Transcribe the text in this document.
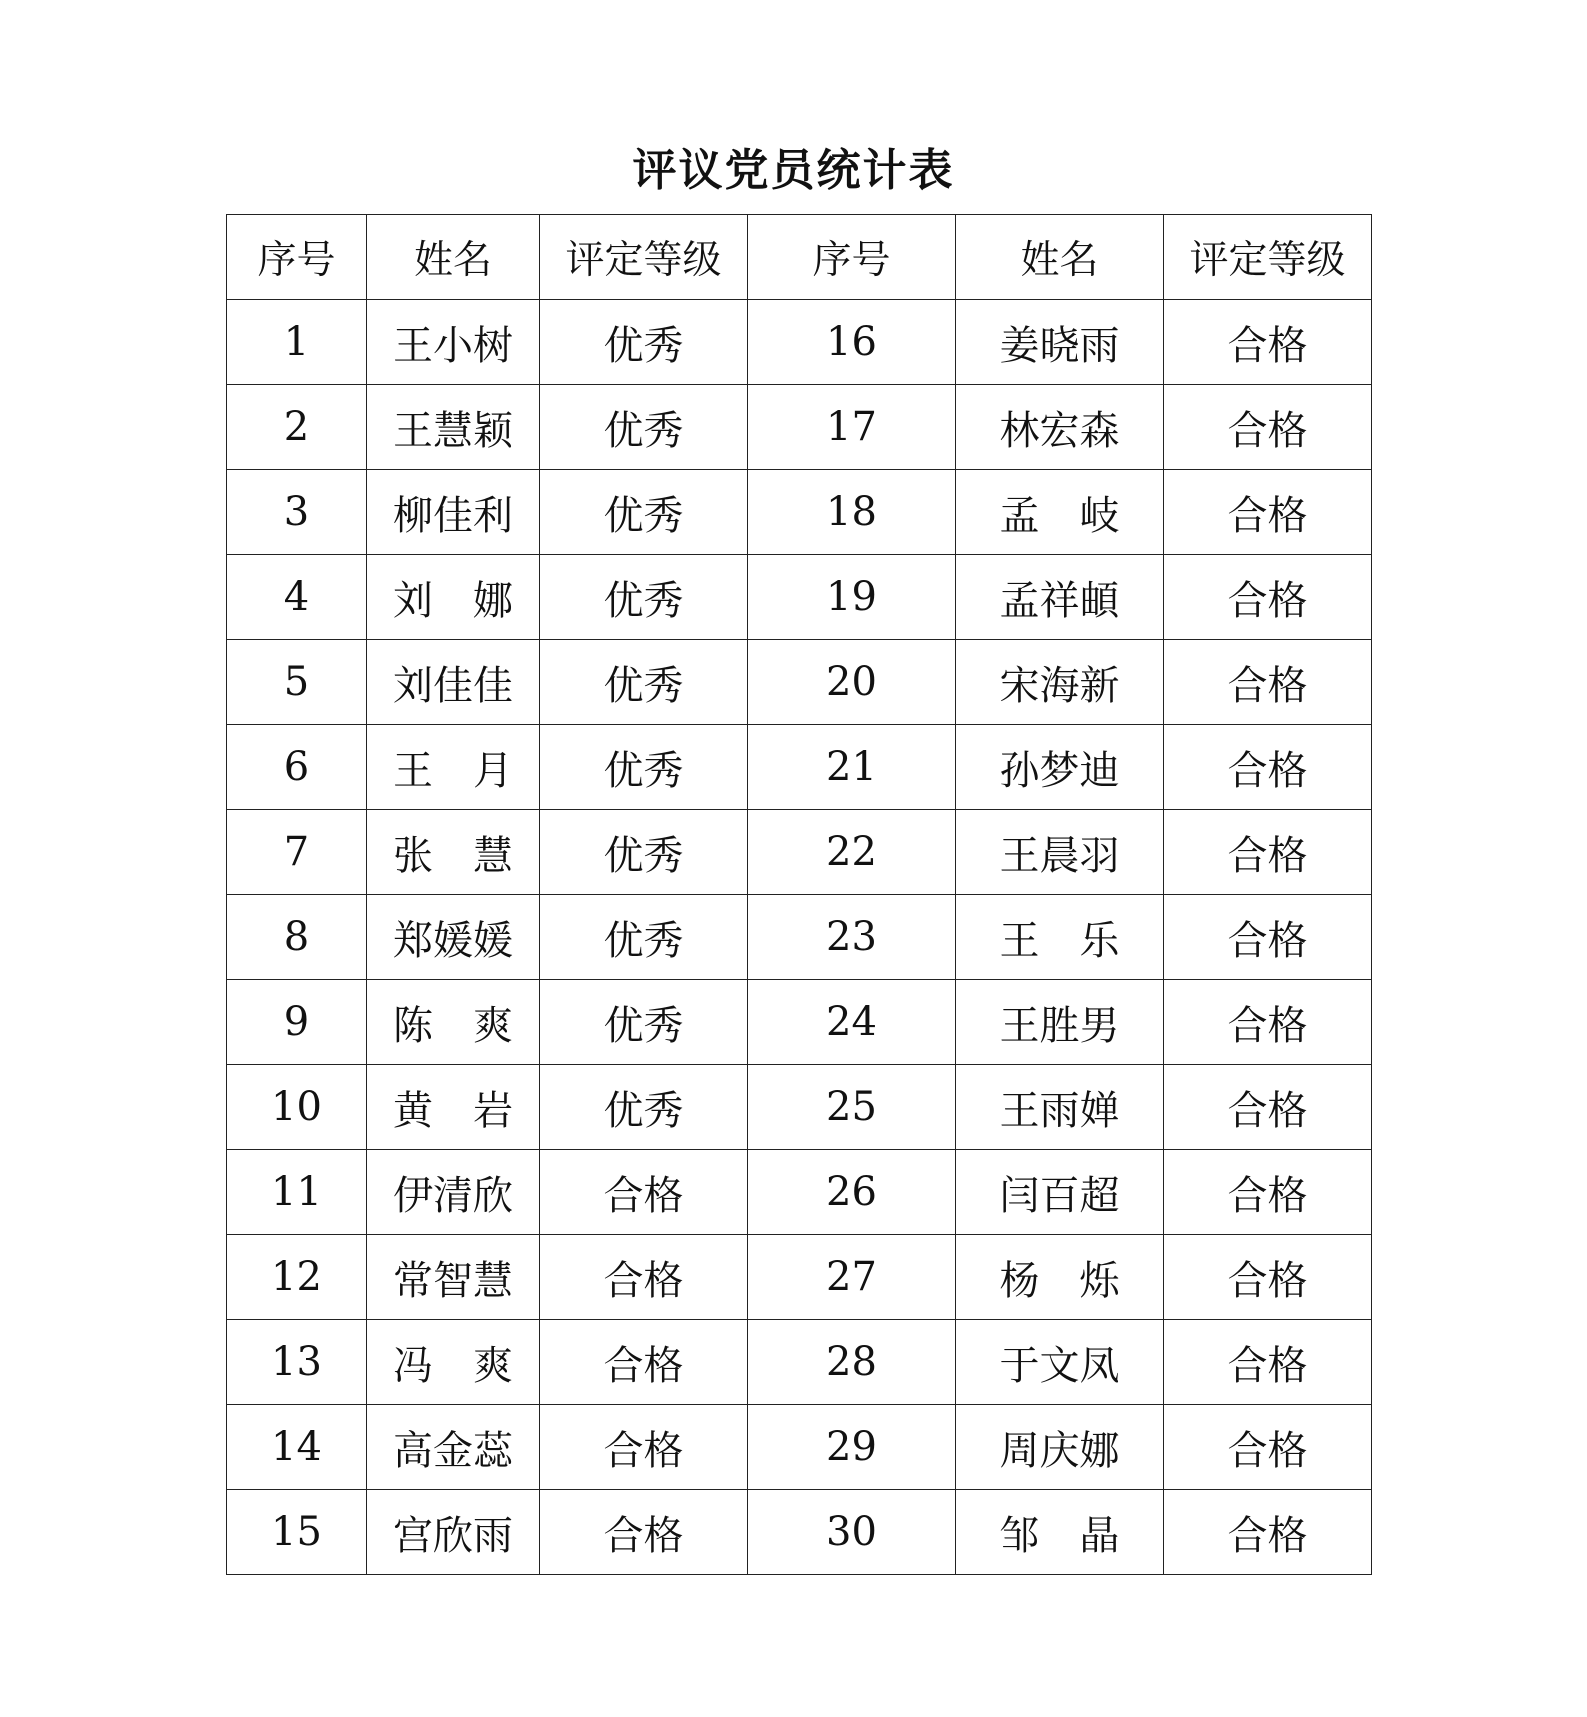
评议党员统计表
序号	姓名	评定等级	序号	姓名	评定等级
1	王小树	优秀	16	姜晓雨	合格
2	王慧颖	优秀	17	林宏森	合格
3	柳佳利	优秀	18	孟　岐	合格
4	刘　娜	优秀	19	孟祥頔	合格
5	刘佳佳	优秀	20	宋海新	合格
6	王　月	优秀	21	孙梦迪	合格
7	张　慧	优秀	22	王晨羽	合格
8	郑媛媛	优秀	23	王　乐	合格
9	陈　爽	优秀	24	王胜男	合格
10	黄　岩	优秀	25	王雨婵	合格
11	伊清欣	合格	26	闫百超	合格
12	常智慧	合格	27	杨　烁	合格
13	冯　爽	合格	28	于文凤	合格
14	高金蕊	合格	29	周庆娜	合格
15	宫欣雨	合格	30	邹　晶	合格
